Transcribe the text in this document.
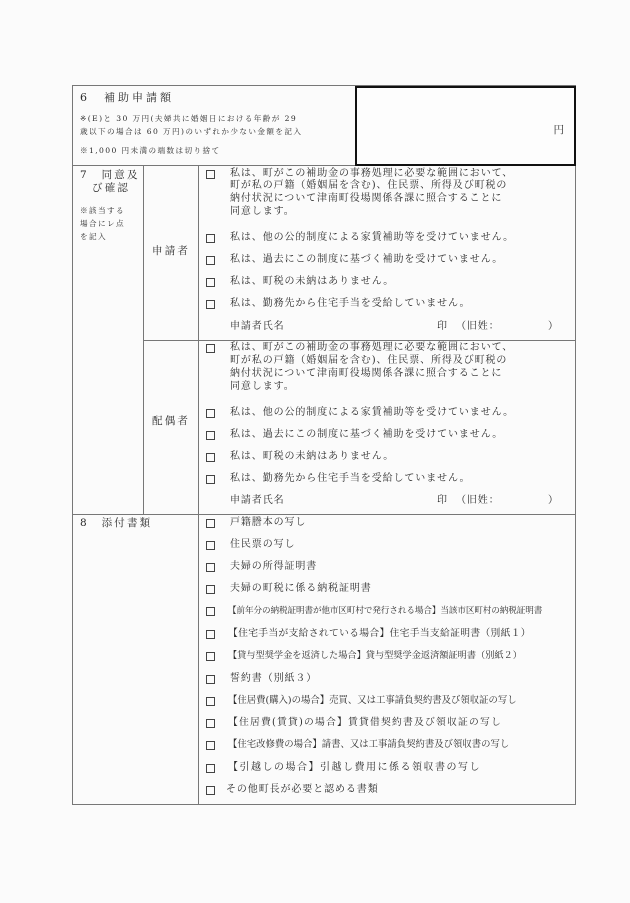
6　補助申請額
※(E)と 30 万円(夫婦共に婚姻日における年齢が 29
歳以下の場合は 60 万円)のいずれか少ない金額を記入
※1,000 円未満の端数は切り捨て
円
7　同意及
び確認
※該当する
場合にレ点
を記入
申請者
私は、町がこの補助金の事務処理に必要な範囲において、
町が私の戸籍（婚姻届を含む)、住民票、所得及び町税の
納付状況について津南町役場関係各課に照合することに
同意します。
私は、他の公的制度による家賃補助等を受けていません。
私は、過去にこの制度に基づく補助を受けていません。
私は、町税の未納はありません。
私は、勤務先から住宅手当を受給していません。
申請者氏名	印 （旧姓：	）
配偶者
私は、町がこの補助金の事務処理に必要な範囲において、
町が私の戸籍（婚姻届を含む)、住民票、所得及び町税の
納付状況について津南町役場関係各課に照合することに
同意します。
私は、他の公的制度による家賃補助等を受けていません。
私は、過去にこの制度に基づく補助を受けていません。
私は、町税の未納はありません。
私は、勤務先から住宅手当を受給していません。
申請者氏名	印 （旧姓：	）
8　添付書類	戸籍謄本の写し
住民票の写し
夫婦の所得証明書
夫婦の町税に係る納税証明書
【前年分の納税証明書が他市区町村で発行される場合】当該市区町村の納税証明書
【住宅手当が支給されている場合】住宅手当支給証明書（別紙１）
【貸与型奨学金を返済した場合】貸与型奨学金返済額証明書（別紙２）
誓約書（別紙３）
【住居費(購入)の場合】売買、又は工事請負契約書及び領収証の写し
【住居費(賃貸)の場合】賃貸借契約書及び領収証の写し
【住宅改修費の場合】請書、又は工事請負契約書及び領収書の写し
【引越しの場合】引越し費用に係る領収書の写し
その他町長が必要と認める書類
